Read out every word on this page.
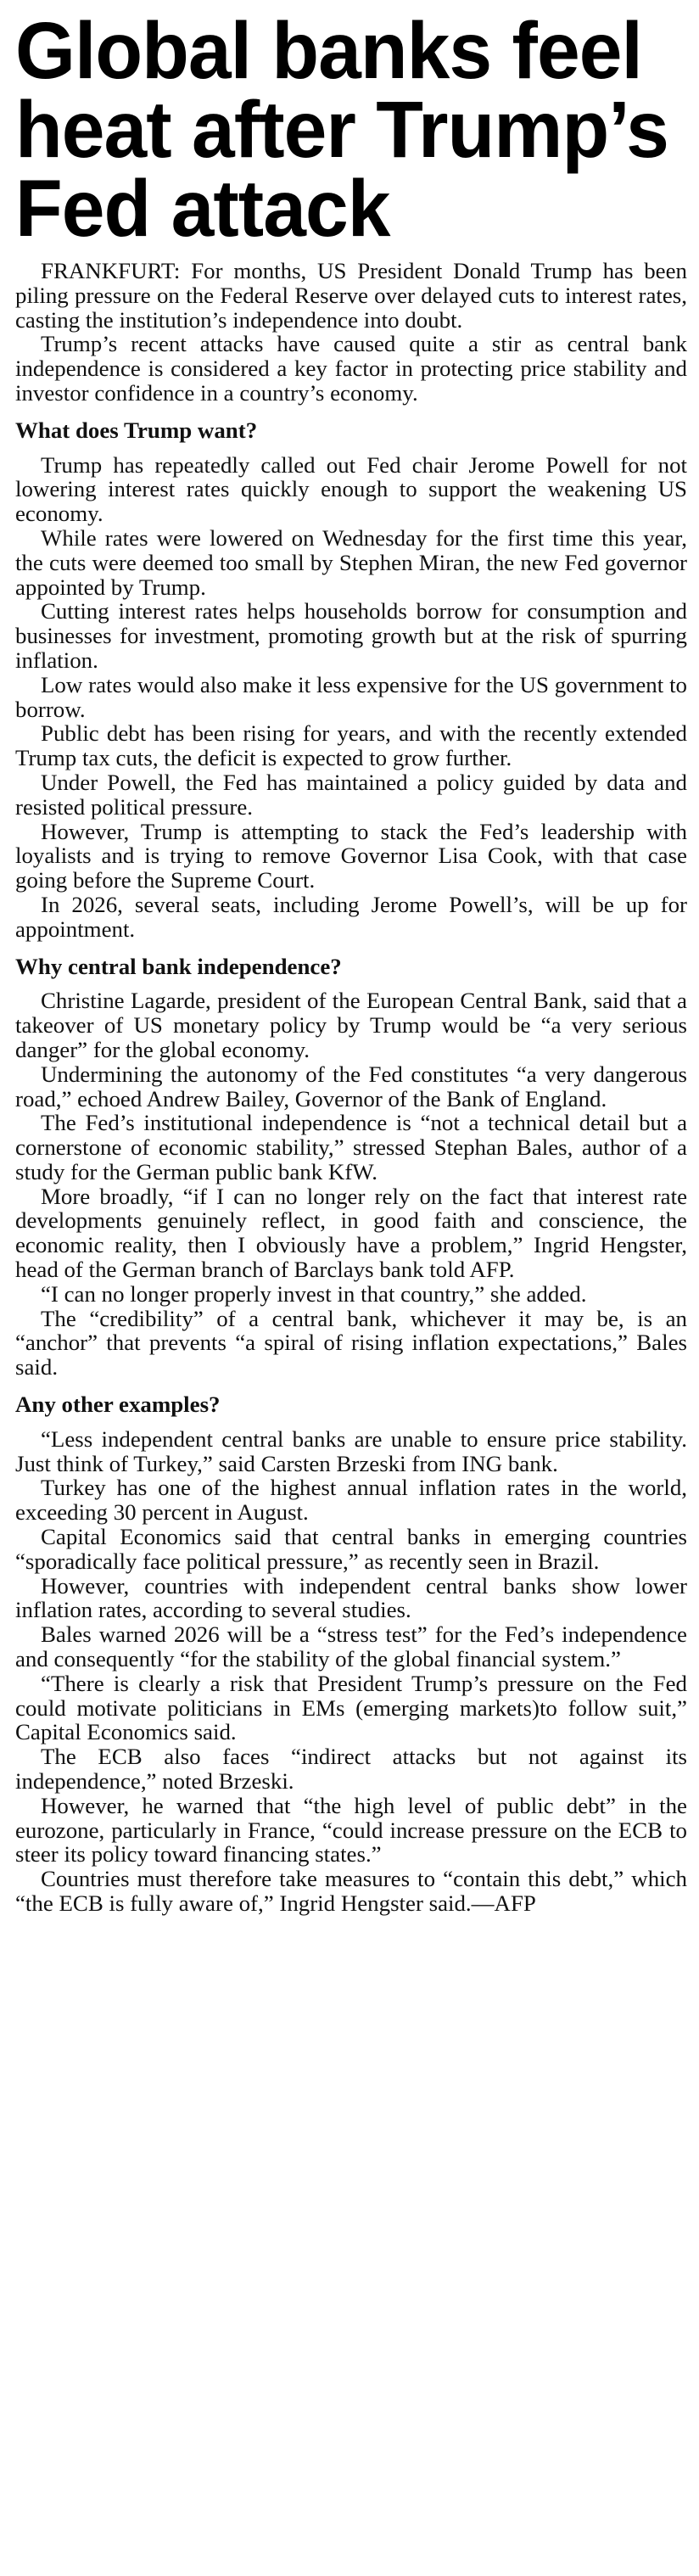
Global banks feel
heat after Trump’s
Fed attack

FRANKFURT: For months, US President Donald Trump has been piling pressure on the Federal Reserve over delayed cuts to interest rates, casting the institution’s independence into doubt.

Trump’s recent attacks have caused quite a stir as central bank independence is considered a key factor in protecting price stability and investor confidence in a country’s economy.

What does Trump want?

Trump has repeatedly called out Fed chair Jerome Powell for not lowering interest rates quickly enough to support the weakening US economy.

While rates were lowered on Wednesday for the first time this year, the cuts were deemed too small by Stephen Miran, the new Fed governor appointed by Trump.

Cutting interest rates helps households borrow for consumption and businesses for investment, promoting growth but at the risk of spurring inflation.

Low rates would also make it less expensive for the US government to borrow.

Public debt has been rising for years, and with the recently extended Trump tax cuts, the deficit is expected to grow further.

Under Powell, the Fed has maintained a policy guided by data and resisted political pressure.

However, Trump is attempting to stack the Fed’s leadership with loyalists and is trying to remove Governor Lisa Cook, with that case going before the Supreme Court.

In 2026, several seats, including Jerome Powell’s, will be up for appointment.

Why central bank independence?

Christine Lagarde, president of the European Central Bank, said that a takeover of US monetary policy by Trump would be “a very serious danger” for the global economy.

Undermining the autonomy of the Fed constitutes “a very dangerous road,” echoed Andrew Bailey, Governor of the Bank of England.

The Fed’s institutional independence is “not a technical detail but a cornerstone of economic stability,” stressed Stephan Bales, author of a study for the German public bank KfW.

More broadly, “if I can no longer rely on the fact that interest rate developments genuinely reflect, in good faith and conscience, the economic reality, then I obviously have a problem,” Ingrid Hengster, head of the German branch of Barclays bank told AFP.

“I can no longer properly invest in that country,” she added.

The “credibility” of a central bank, whichever it may be, is an “anchor” that prevents “a spiral of rising inflation expectations,” Bales said.

Any other examples?

“Less independent central banks are unable to ensure price stability. Just think of Turkey,” said Carsten Brzeski from ING bank.

Turkey has one of the highest annual inflation rates in the world, exceeding 30 percent in August.

Capital Economics said that central banks in emerging countries “sporadically face political pressure,” as recently seen in Brazil.

However, countries with independent central banks show lower inflation rates, according to several studies.

Bales warned 2026 will be a “stress test” for the Fed’s independence and consequently “for the stability of the global financial system.”

“There is clearly a risk that President Trump’s pressure on the Fed could motivate politicians in EMs (emerging markets)to follow suit,” Capital Economics said.

The ECB also faces “indirect attacks but not against its independence,” noted Brzeski.

However, he warned that “the high level of public debt” in the eurozone, particularly in France, “could increase pressure on the ECB to steer its policy toward financing states.”

Countries must therefore take measures to “contain this debt,” which “the ECB is fully aware of,” Ingrid Hengster said.—AFP
